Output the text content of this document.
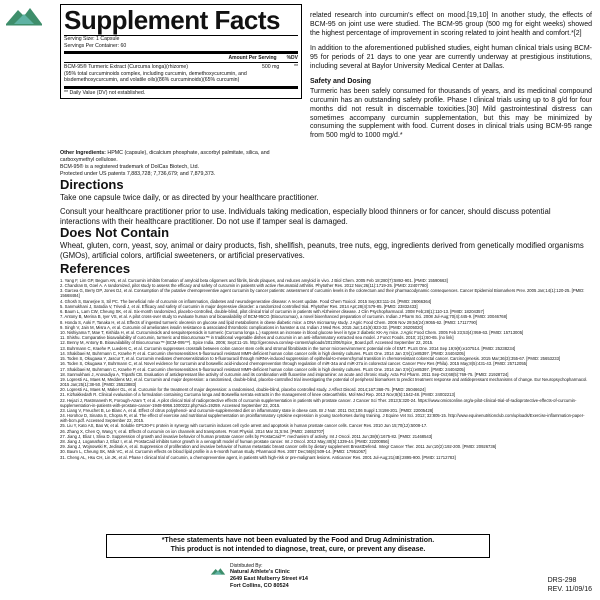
Supplement Facts
Serving Size: 1 Capsule
Servings Per Container: 60
Amount Per Serving %DV
BCM-95® Turmeric Extract (Curcuma longa)(rhizome)	500 mg	**
(95% total curcuminoids complex, including curcumin, demethoxycurcumin, and bisdemethoxycurcumin, and volatile oils)(86% curcuminoids)(65% curcumin)
** Daily Value (DV) not established.
Other Ingredients: HPMC (capsule), dicalcium phosphate, ascorbyl palmitate, silica, and carboxymethyl cellulose.
BCM-95® is a registered trademark of DolCas Biotech, Ltd.
Protected under US patents 7,883,728; 7,736,679; and 7,879,373.

related research into curcumin's effect on mood.[19,10] In another study, the effects of BCM-95 on joint use were studied. The BCM-95 group (500 mg for eight weeks) showed the highest percentage of improvement in scoring related to joint health and comfort.*[2]

In addition to the aforementioned published studies, eight human clinical trials using BCM-95 for periods of 21 days to one year are currently underway at prestigious institutions, including several at Baylor University Medical Center at Dallas.

Safety and Dosing

Turmeric has been safely consumed for thousands of years, and its medicinal compound curcumin has an outstanding safety profile. Phase I clinical trials using up to 8 g/d for four months did not result in discernable toxicities.[30] Mild gastrointestinal distress can sometimes accompany curcumin supplementation, but this may be minimized by consuming the supplement with food. Current doses in clinical trials using BCM-95 range from 500 mg/d to 1000 mg/d.*

Directions
Take one capsule twice daily, or as directed by your healthcare practitioner.
Consult your healthcare practitioner prior to use. Individuals taking medication, especially blood thinners or for cancer, should discuss potential interactions with their healthcare practitioner. Do not use if tamper seal is damaged.
Does Not Contain
Wheat, gluten, corn, yeast, soy, animal or dairy products, fish, shellfish, peanuts, tree nuts, egg, ingredients derived from genetically modified organisms (GMOs), artificial colors, artificial sweeteners, or artificial preservatives.
References
1. Yang F, Lim GP, Begum AN, et al. Curcumin inhibits formation of amyloid beta oligomers and fibrils, binds plaques, and reduces amyloid in vivo. J Biol Chem. 2005 Feb 18;280(7):5892-901. [PMID: 15590663]
2. Chandran B, Goel A. A randomized, pilot study to assess the efficacy and safety of curcumin in patients with active rheumatoid arthritis. Phytother Res. 2012 Nov;26(11):1719-25. [PMID: 22407780]
3. Garcea G, Berry DP, Jones DJ, et al. Consumption of the putative chemopreventive agent curcumin by cancer patients: assessment of curcumin levels in the colorectum and their pharmacodynamic consequences. Cancer Epidemiol Biomarkers Prev. 2005 Jan;14(1):120-25. [PMID: 15668484]
4. Ghosh S, Banerjee S, Sil PC. The beneficial role of curcumin on inflammation, diabetes and neurodegenerative disease: A recent update. Food Chem Toxicol. 2015 Sep;83:111-24. [PMID: 26066364]
5. Sanmukhani J, Satodia V, Trivedi J, et al. Efficacy and safety of curcumin in major depressive disorder: a randomized controlled trial. Phytother Res. 2014 Apr;28(4):579-85. [PMID: 23832433]
6. Baum L, Lam CW, Cheung SK, et al. Six-month randomized, placebo-controlled, double-blind, pilot clinical trial of curcumin in patients with Alzheimer disease. J Clin Psychopharmacol. 2008 Feb;28(1):110-13. [PMID: 18204357]
7. Antony B, Merina B, Iyer VS, et al. A pilot cross-over study to evaluate human oral bioavailability of BCM-95CG (Biocurcumax), a novel bioenhanced preparation of curcumin. Indian J Pharm Sci. 2008 Jul-Aug;70(4):445-9. [PMID: 20046768]
8. Honda S, Aoki F, Tanaka H, et al. Effects of ingested turmeric oleoresin on glucose and lipid metabolisms in obese diabetic mice: a DNA microarray study. J Agric Food Chem. 2006 Nov 29;54(24):9055-62. [PMID: 17117790]
9. Singh V, Jain M, Misra A, et al. Curcumin oil ameliorates insulin resistance & associated thrombotic complications in hamster & rat. Indian J Med Res. 2015 Jun;141(6):823-32. [PMID: 26205020]
10. Nishiyama T, Mae T, Kishida H, et al. Curcuminoids and sesquiterpenoids in turmeric (Curcuma longa L.) suppress an increase in blood glucose level in type 2 diabetic KK-Ay mice. J Agric Food Chem. 2005 Feb 23;53(4):959-63. [PMID: 15713005]
11. Shishu. Comparative bioavailability of curcumin, turmeric and Biocurcumax™ in traditional vegetable dishes and curcumin in an anti-inflammatory extracted sea model. J Funct Foods. 2010; 2(1):60-65. [no link]
12. Benny M, Antony B. Bioavailability of Biocurcumax™ (BCM-095™). Spice India. 2006; Sept:11-15. http://geronova.com/wp-content/uploads/2013/06/Spice_Board.pdf. Accessed September 22, 2015.
13. Buhrmann C, Kraehe P, Lueders C, et al. Curcumin suppresses crosstalk between colon cancer stem cells and stromal fibroblasts in the tumor microenvironment: potential role of EMT. PLoS One. 2014 Sep 19;9(9):e107514. [PMID: 25238234]
14. Shakibaei M, Buhrmann C, Kraehe P, et al. Curcumin chemosensitizes 5-fluorouracil resistant MMR-deficient human colon cancer cells in high density cultures. PLoS One. 2014 Jan 3;9(1):e85397. [PMID: 24404205]
15. Toden S, Okugawa Y, Jascur T, et al. Curcumin mediates chemosensitization to 5-fluorouracil through miRNA-induced suppression of epithelial-to-mesenchymal transition in chemoresistant colorectal cancer. Carcinogenesis. 2015 Mar;36(3):355-67. [PMID: 25653233]
16. Toden S, Okugawa Y, Buhrmann C, et al. Novel evidence for curcumin and boswellic acid-induced chemoprevention through regulation of miR-34a and miR-27a in colorectal cancer. Cancer Prev Res (Phila). 2015 May;8(5):431-43. [PMID: 25712055]
17. Shakibaei M, Buhrmann C, Kraehe P, et al. Curcumin chemosensitizes 5-fluorouracil resistant MMR-deficient human colon cancer cells in high density cultures. PLoS One. 2014 Jan 3;9(1):e85397. [PMID: 24404205]
18. Sanmukhani J, Anovadiya A, Tripathi CB. Evaluation of antidepressant like activity of curcumin and its combination with fluoxetine and imipramine: an acute and chronic study. Acta Pol Pharm. 2011 Sep-Oct;68(5):769-75. [PMID: 21928724]
19. Lopresti AL, Maes M, Meddens MJ, et al. Curcumin and major depression: a randomised, double-blind, placebo-controlled trial investigating the potential of peripheral biomarkers to predict treatment response and antidepressant mechanisms of change. Eur Neuropsychopharmacol. 2015 Jan;25(1):38-50. [PMID: 25523883]
20. Lopresti AL, Maes M, Maker GL, et al. Curcumin for the treatment of major depression: a randomised, double-blind, placebo controlled study. J Affect Disord. 2014;167:368-75. [PMID: 25046624]
21. Kizhakkedath R. Clinical evaluation of a formulation containing Curcuma longa and Boswellia serrata extracts in the management of knee osteoarthritis. Mol Med Rep. 2013 Nov;8(5):1542-48. [PMID: 24002213]
22. Hejazi J, Rastmanesh R, Forough-Azam T, et al. A pilot clinical trial of radioprotective effects of curcumin supplementation in patients with prostate cancer. J Cancer Sci Ther. 2013;5:320-24. https://www.omicsonline.org/a-pilot-clinical-trial-of-radioprotective-effects-of-curcumin-supplementation-in-patients-with-prostate-cancer-1948-5956.1000222.php?aid=19259. Accessed September 22, 2015.
23. Liang V, Freuchet B, Le Blanc A, et al. Effect of citrus polyphenol- and curcumin-supplemented diet on inflammatory state in obese cats. Br J Nutr. 2011 Oct;106 Suppl 1:S198-201. [PMID: 22005428]
24. Horohov D, Sinatra S, Chopra R, et al. The effect of exercise and nutritional supplementation on proinflammatory cytokine expression in young racehorses during training. J Equine Vet Sci. 2012; 32:805-15. http://www.equinenutritionclub.com/uploads/Exercise-inflammation-paper-with-bcm.pdf. Accessed September 22, 2015.
25. Liu Y, Kato AS, Bao W, et al. Soluble GP130-Fc protein in synergy with curcumin induces cell cycle arrest and apoptosis in human prostate cancer cells. Cancer Res. 2010 Jun 15;70(12):5008-17.
26. Zhang X, Chen Q, Wang Y, et al. Effects of curcumin on ion channels and transporters. Front Physiol. 2014 Mar 31;5:94. [PMID: 24653707]
27. Jiang J, Eliaz I, Sliva D. Suppression of growth and invasive behavior of human prostate cancer cells by ProstaCaid™: mechanism of activity. Int J Oncol. 2011 Jun;38(6):1675-82. [PMID: 21468543]
28. Jiang J, Loganathan J, Eliaz I, et al. ProstaCaid inhibits tumor growth in a xenograft model of human prostate cancer. Int J Oncol. 2012 May;40(5):1339-44. [PMID: 22200856]
29. Jiang J, Wojnowski R, Jedinak A, et al. Suppression of proliferation and invasive behavior of human metastatic breast cancer cells by dietary supplement BreastDefend. Integr Cancer Ther. 2011 Jun;10(2):192-200. [PMID: 20926736]
30. Baum L, Cheung SK, Mok VC, et al. Curcumin effects on blood lipid profile in a 6-month human study. Pharmacol Res. 2007 Dec;56(6):509-14. [PMID: 17951067]
31. Cheng AL, Hsu CH, Lin JK, et al. Phase I clinical trial of curcumin, a chemopreventive agent, in patients with high-risk or pre-malignant lesions. Anticancer Res. 2001 Jul-Aug;21(4B):2895-900. [PMID: 11712783]
*These statements have not been evaluated by the Food and Drug Administration.
This product is not intended to diagnose, treat, cure, or prevent any disease.
Distributed By:
Natural Athlete's Clinic
2649 East Mulberry Street #14
Fort Collins, CO 80524
DRS-298
REV. 11/09/16
